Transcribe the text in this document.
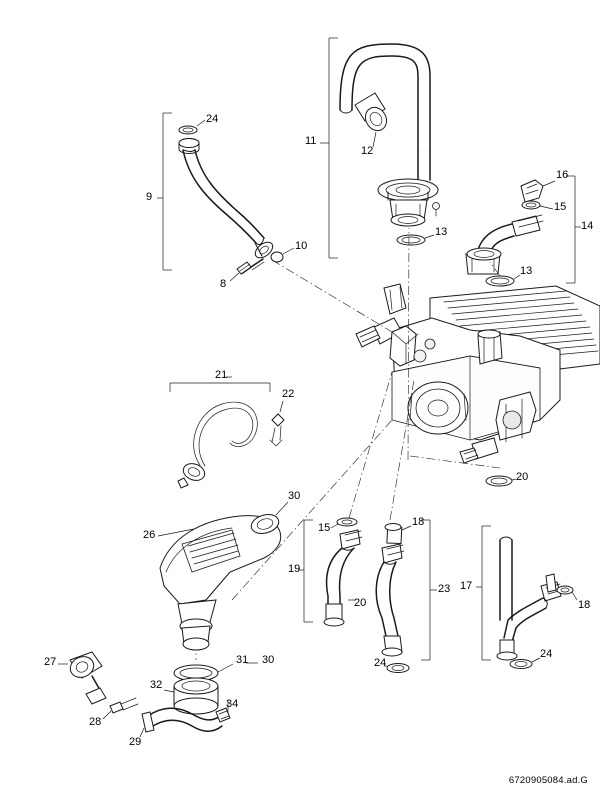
24
11
12
9
16
15
14
13
10
8
13
21
22
20
30
15	18
26
19
17
23
20	18
27	31 30	24
24
32
28
34
29
6720905084.ad.G
